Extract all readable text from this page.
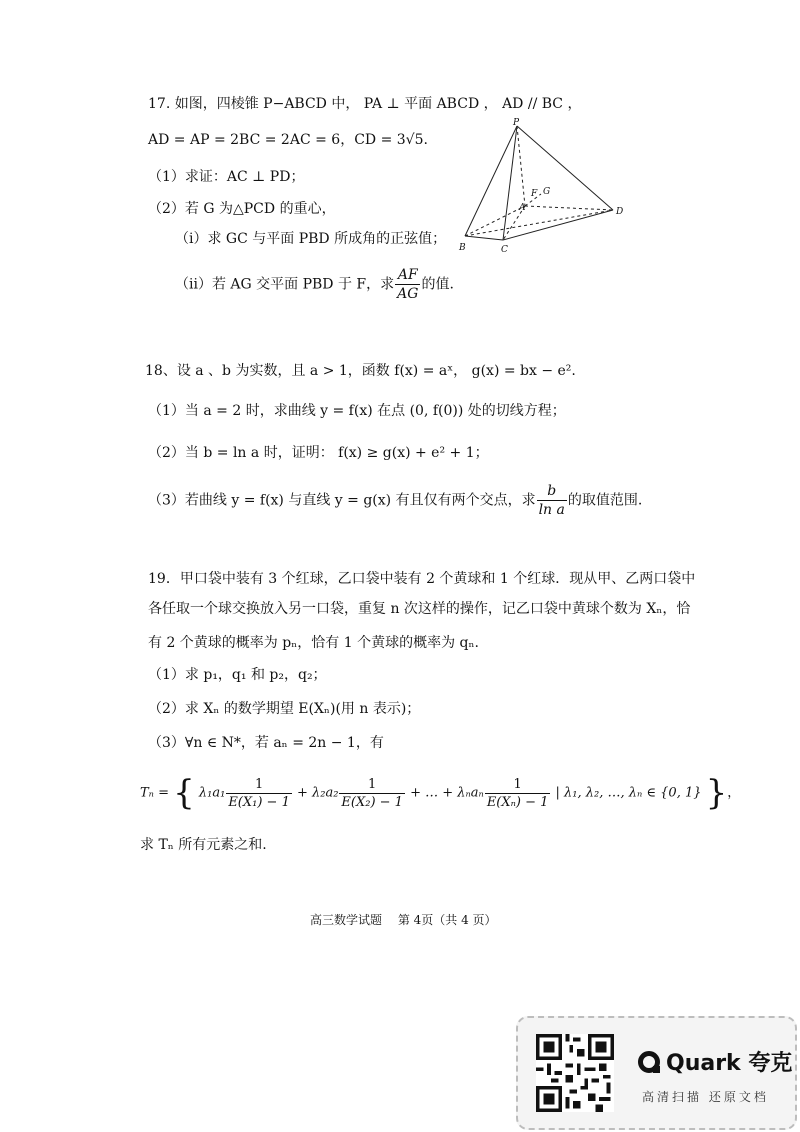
17. 如图，四棱锥 P−ABCD 中， PA ⊥ 平面 ABCD ， AD // BC ，
AD = AP = 2BC = 2AC = 6，CD = 3√5.
（1）求证：AC ⊥ PD；
（2）若 G 为△PCD 的重心，
（i）求 GC 与平面 PBD 所成角的正弦值；
（ii）若 AG 交平面 PBD 于 F，求 $\frac{AF}{AG}$ 的值.
P
A
B	C
D
F G
18、设 a 、b 为实数，且 a > 1，函数 f(x) = aˣ， g(x) = bx − e².
（1）当 a = 2 时，求曲线 y = f(x) 在点 (0, f(0)) 处的切线方程；
（2）当 b = ln a 时，证明： f(x) ≥ g(x) + e² + 1；
（3）若曲线 y = f(x) 与直线 y = g(x) 有且仅有两个交点，求 $\frac{b}{\text{ln a}}$ 的取值范围.
19．甲口袋中装有 3 个红球，乙口袋中装有 2 个黄球和 1 个红球．现从甲、乙两口袋中
各任取一个球交换放入另一口袋，重复 n 次这样的操作，记乙口袋中黄球个数为 Xₙ，恰
有 2 个黄球的概率为 pₙ，恰有 1 个黄球的概率为 qₙ.
（1）求 p₁，q₁ 和 p₂，q₂；
（2）求 Xₙ 的数学期望 E(Xₙ)(用 n 表示)；
（3）∀n ∈ N*，若 aₙ = 2n − 1，有
Tₙ = { $\lambda_1a_1 \frac{1}{\text{E(X₁) − 1}} + \lambda_2a_2 \frac{1}{\text{E(X₂) − 1}}$ + … + λₙaₙ $\frac{1}{\text{E(Xₙ) − 1}}$ | λ₁, λ₂, …, λₙ ∈ {0, 1} }，
求 Tₙ 所有元素之和.
高三数学试题　 第 4页（共 4 页）
Quark 夸克
高清扫描 还原文档
